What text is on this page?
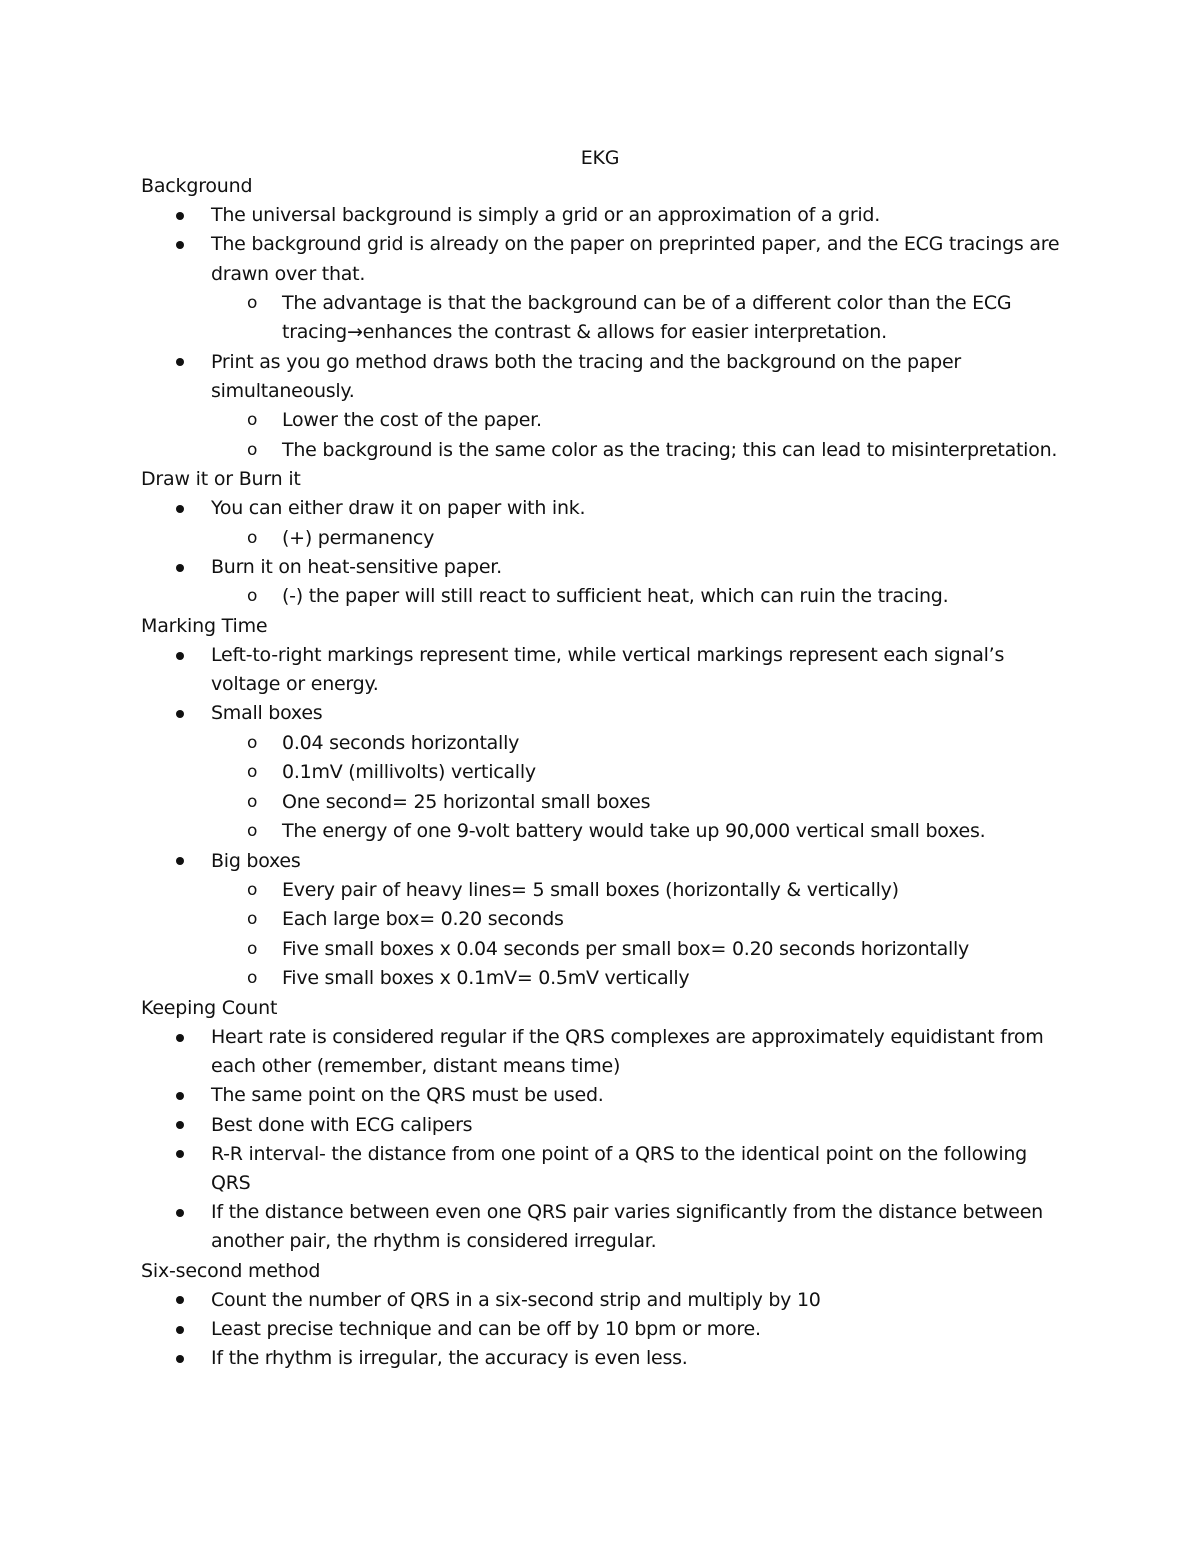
EKG
Background
The universal background is simply a grid or an approximation of a grid.
The background grid is already on the paper on preprinted paper, and the ECG tracings are drawn over that.
o The advantage is that the background can be of a different color than the ECG tracing→enhances the contrast & allows for easier interpretation.
Print as you go method draws both the tracing and the background on the paper simultaneously.
o Lower the cost of the paper.
o The background is the same color as the tracing; this can lead to misinterpretation.
Draw it or Burn it
You can either draw it on paper with ink.
o (+) permanency
Burn it on heat-sensitive paper.
o (-) the paper will still react to sufficient heat, which can ruin the tracing.
Marking Time
Left-to-right markings represent time, while vertical markings represent each signal’s voltage or energy.
Small boxes
o 0.04 seconds horizontally
o 0.1mV (millivolts) vertically
o One second= 25 horizontal small boxes
o The energy of one 9-volt battery would take up 90,000 vertical small boxes.
Big boxes
o Every pair of heavy lines= 5 small boxes (horizontally & vertically)
o Each large box= 0.20 seconds
o Five small boxes x 0.04 seconds per small box= 0.20 seconds horizontally
o Five small boxes x 0.1mV= 0.5mV vertically
Keeping Count
Heart rate is considered regular if the QRS complexes are approximately equidistant from each other (remember, distant means time)
The same point on the QRS must be used.
Best done with ECG calipers
R-R interval- the distance from one point of a QRS to the identical point on the following QRS
If the distance between even one QRS pair varies significantly from the distance between another pair, the rhythm is considered irregular.
Six-second method
Count the number of QRS in a six-second strip and multiply by 10
Least precise technique and can be off by 10 bpm or more.
If the rhythm is irregular, the accuracy is even less.
